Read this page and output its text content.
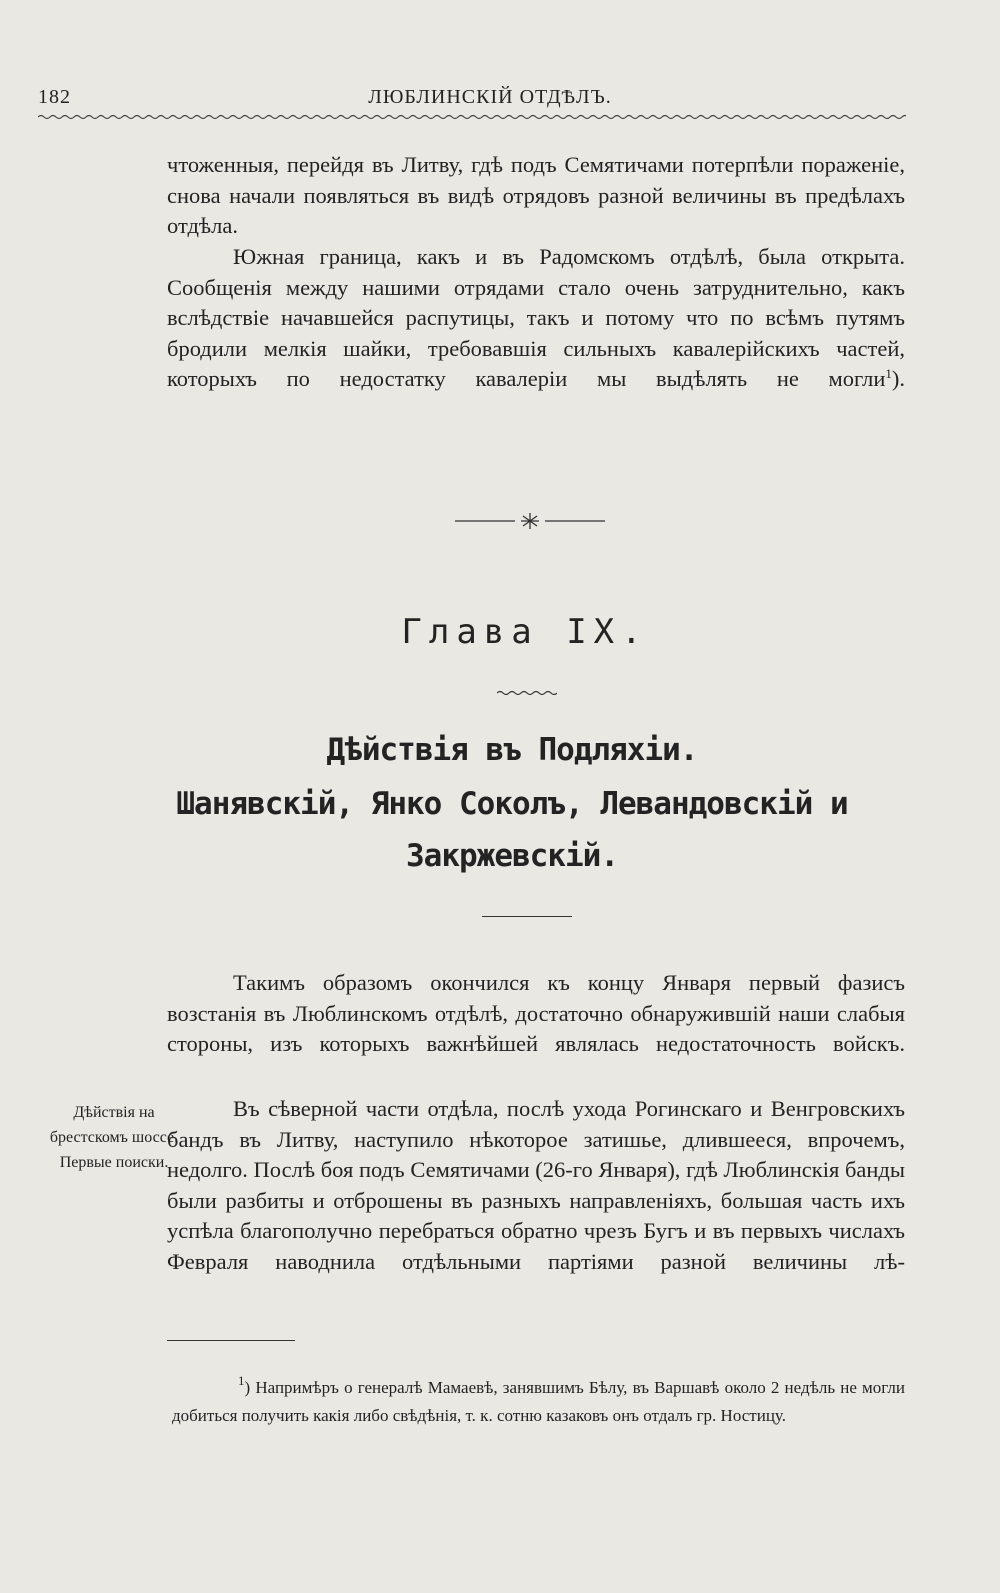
182	ЛЮБЛИНСКІЙ ОТДѢЛЪ.

чтоженныя, перейдя въ Литву, гдѣ подъ Семятичами потерпѣли пораженіе, снова начали появляться въ видѣ отрядовъ разной величины въ предѣлахъ отдѣла.

Южная граница, какъ и въ Радомскомъ отдѣлѣ, была открыта. Сообщенія между нашими отрядами стало очень затруднительно, какъ вслѣдствіе начавшейся распутицы, такъ и потому что по всѣмъ путямъ бродили мелкія шайки, требовавшія сильныхъ кавалерійскихъ частей, которыхъ по недостатку кавалеріи мы выдѣлять не могли$^1$).

Глава IX.
Дѣйствія въ Подляхіи.
Шанявскій, Янко Соколъ, Левандовскій и Закржевскій.

Такимъ образомъ окончился къ концу Января первый фазисъ возстанія въ Люблинскомъ отдѣлѣ, достаточно обнаружившій наши слабыя стороны, изъ которыхъ важнѣйшей являлась недостаточность войскъ.

Дѣйствія на брестскомъ шоссе. Первые поиски.

Въ сѣверной части отдѣла, послѣ ухода Рогинскаго и Венгровскихъ бандъ въ Литву, наступило нѣкоторое затишье, длившееся, впрочемъ, недолго. Послѣ боя подъ Семятичами (26-го Января), гдѣ Люблинскія банды были разбиты и отброшены въ разныхъ направленіяхъ, большая часть ихъ успѣла благополучно перебраться обратно чрезъ Бугъ и въ первыхъ числахъ Февраля наводнила отдѣльными партіями разной величины лѣ-

$^1$) Напримѣръ о генералѣ Мамаевѣ, занявшимъ Бѣлу, въ Варшавѣ около 2 недѣль не могли добиться получить какія либо свѣдѣнія, т. к. сотню казаковъ онъ отдалъ гр. Ностицу.
